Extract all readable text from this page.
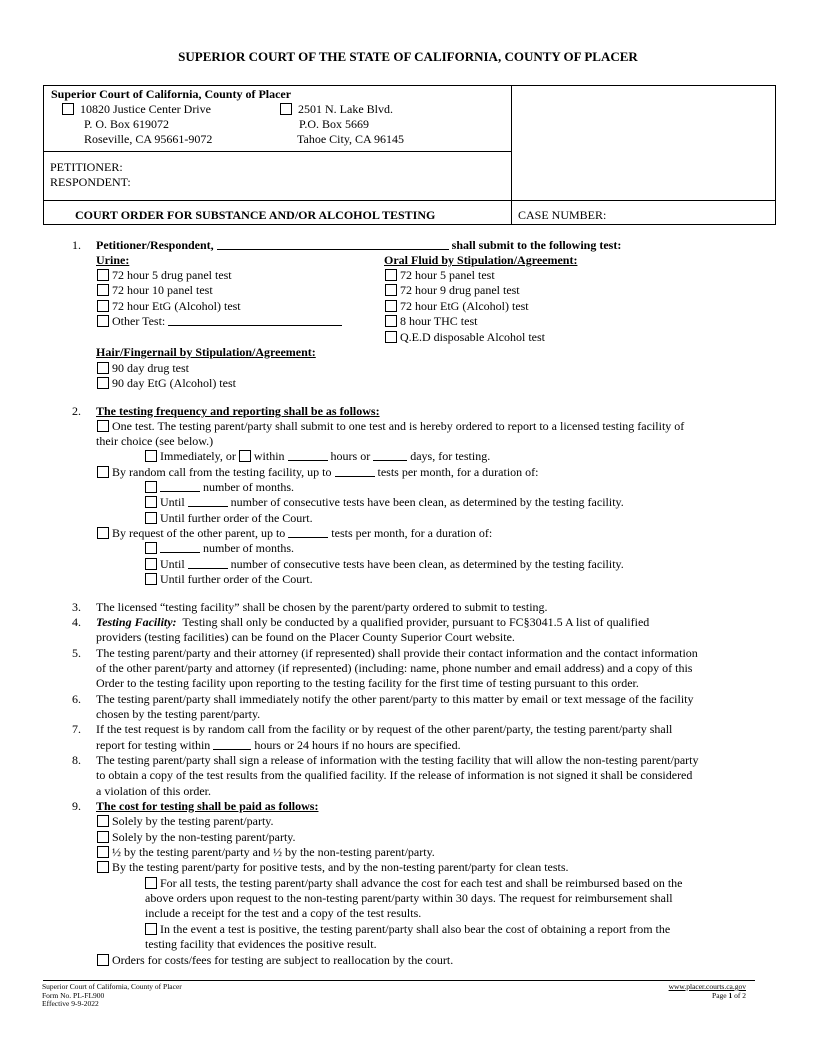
SUPERIOR COURT OF THE STATE OF CALIFORNIA, COUNTY OF PLACER
Superior Court of California, County of Placer
10820 Justice Center Drive
P. O. Box 619072
Roseville, CA 95661-9072
2501 N. Lake Blvd.
P.O. Box 5669
Tahoe City, CA 96145
PETITIONER:
RESPONDENT:
COURT ORDER FOR SUBSTANCE AND/OR ALCOHOL TESTING	CASE NUMBER:
1. Petitioner/Respondent,	shall submit to the following test:
Urine:
72 hour 5 drug panel test
72 hour 10 panel test
72 hour EtG (Alcohol) test
Other Test:
Oral Fluid by Stipulation/Agreement:
72 hour 5 panel test
72 hour 9 drug panel test
72 hour EtG (Alcohol) test
8 hour THC test
Q.E.D disposable Alcohol test
Hair/Fingernail by Stipulation/Agreement:
90 day drug test
90 day EtG (Alcohol) test
2. The testing frequency and reporting shall be as follows:
One test. The testing parent/party shall submit to one test and is hereby ordered to report to a licensed testing facility of
their choice (see below.)
Immediately, or within	hours or	days, for testing.
By random call from the testing facility, up to	tests per month, for a duration of:
number of months.
Until	number of consecutive tests have been clean, as determined by the testing facility.
Until further order of the Court.
By request of the other parent, up to	tests per month, for a duration of:
number of months.
Until	number of consecutive tests have been clean, as determined by the testing facility.
Until further order of the Court.
3. The licensed “testing facility” shall be chosen by the parent/party ordered to submit to testing.
4. Testing Facility: Testing shall only be conducted by a qualified provider, pursuant to FC§3041.5 A list of qualified
providers (testing facilities) can be found on the Placer County Superior Court website.
5. The testing parent/party and their attorney (if represented) shall provide their contact information and the contact information
of the other parent/party and attorney (if represented) (including: name, phone number and email address) and a copy of this
Order to the testing facility upon reporting to the testing facility for the first time of testing pursuant to this order.
6. The testing parent/party shall immediately notify the other parent/party to this matter by email or text message of the facility
chosen by the testing parent/party.
7. If the test request is by random call from the facility or by request of the other parent/party, the testing parent/party shall
report for testing within	hours or 24 hours if no hours are specified.
8. The testing parent/party shall sign a release of information with the testing facility that will allow the non-testing parent/party
to obtain a copy of the test results from the qualified facility. If the release of information is not signed it shall be considered
a violation of this order.
9. The cost for testing shall be paid as follows:
Solely by the testing parent/party.
Solely by the non-testing parent/party.
½ by the testing parent/party and ½ by the non-testing parent/party.
By the testing parent/party for positive tests, and by the non-testing parent/party for clean tests.
For all tests, the testing parent/party shall advance the cost for each test and shall be reimbursed based on the
above orders upon request to the non-testing parent/party within 30 days. The request for reimbursement shall
include a receipt for the test and a copy of the test results.
In the event a test is positive, the testing parent/party shall also bear the cost of obtaining a report from the
testing facility that evidences the positive result.
Orders for costs/fees for testing are subject to reallocation by the court.
Superior Court of California, County of Placer
Form No. PL-FL900
Effective 9-9-2022
www.placer.courts.ca.gov
Page 1 of 2
